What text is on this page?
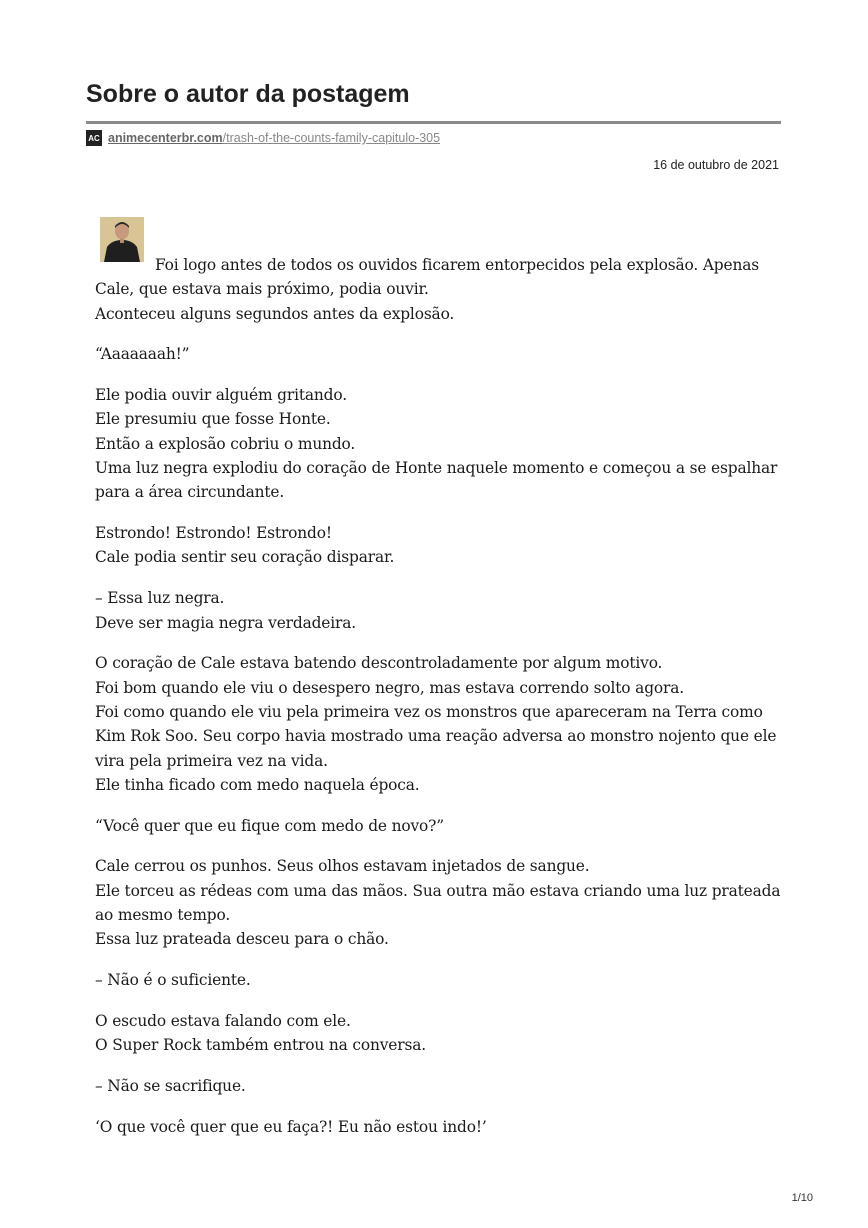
Sobre o autor da postagem
AC animecenterbr.com /trash-of-the-counts-family-capitulo-305
16 de outubro de 2021

Foi logo antes de todos os ouvidos ficarem entorpecidos pela explosão. Apenas Cale, que estava mais próximo, podia ouvir.
Aconteceu alguns segundos antes da explosão.

“Aaaaaaah!”

Ele podia ouvir alguém gritando.
Ele presumiu que fosse Honte.
Então a explosão cobriu o mundo.
Uma luz negra explodiu do coração de Honte naquele momento e começou a se espalhar para a área circundante.

Estrondo! Estrondo! Estrondo!
Cale podia sentir seu coração disparar.

– Essa luz negra.
Deve ser magia negra verdadeira.

O coração de Cale estava batendo descontroladamente por algum motivo.
Foi bom quando ele viu o desespero negro, mas estava correndo solto agora.
Foi como quando ele viu pela primeira vez os monstros que apareceram na Terra como Kim Rok Soo. Seu corpo havia mostrado uma reação adversa ao monstro nojento que ele vira pela primeira vez na vida.
Ele tinha ficado com medo naquela época.

“Você quer que eu fique com medo de novo?”

Cale cerrou os punhos. Seus olhos estavam injetados de sangue.
Ele torceu as rédeas com uma das mãos. Sua outra mão estava criando uma luz prateada ao mesmo tempo.
Essa luz prateada desceu para o chão.

– Não é o suficiente.

O escudo estava falando com ele.
O Super Rock também entrou na conversa.

– Não se sacrifique.

‘O que você quer que eu faça?! Eu não estou indo!’

1/10
